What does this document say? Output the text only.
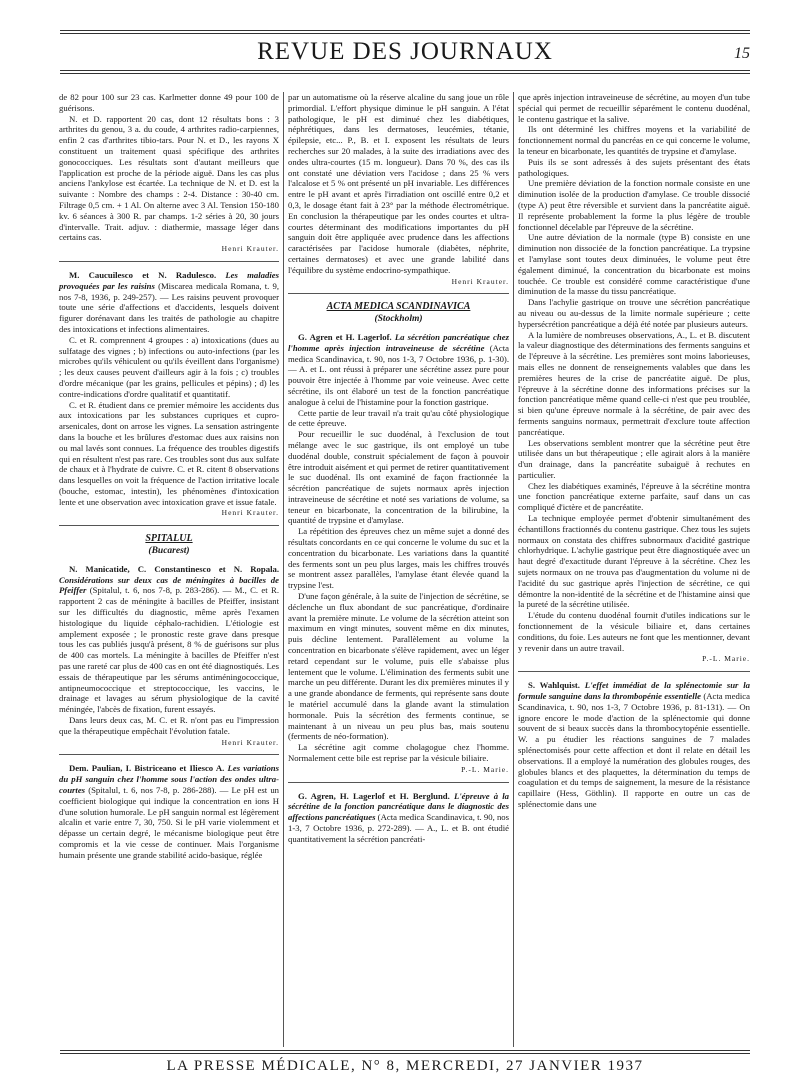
REVUE DES JOURNAUX	15

de 82 pour 100 sur 23 cas. Karlmetter donne 49 pour 100 de guérisons.

N. et D. rapportent 20 cas, dont 12 résultats bons : 3 arthrites du genou, 3 a. du coude, 4 arthrites radio-carpiennes, enfin 2 cas d'arthrites tibio-tars. Pour N. et D., les rayons X constituent un traitement quasi spécifique des arthrites gonococciques. Les résultats sont d'autant meilleurs que l'application est proche de la période aiguë. Dans les cas plus anciens l'ankylose est écartée. La technique de N. et D. est la suivante : Nombre des champs : 2-4. Distance : 30-40 cm. Filtrage 0,5 cm. + 1 Al. On alterne avec 3 Al. Tension 150-180 kv. 6 séances à 300 R. par champs. 1-2 séries à 20, 30 jours d'intervalle. Trait. adjuv. : diathermie, massage léger dans certains cas.

Henri Krauter.

M. Caucuilesco et N. Radulesco. Les maladies provoquées par les raisins (Miscarea medicala Romana, t. 9, nos 7-8, 1936, p. 249-257). — Les raisins peuvent provoquer toute une série d'affections et d'accidents, lesquels doivent figurer dorénavant dans les traités de pathologie au chapitre des intoxications et infections alimentaires.

C. et R. comprennent 4 groupes : a) intoxications (dues au sulfatage des vignes ; b) infections ou auto-infections (par les microbes qu'ils véhiculent ou qu'ils éveillent dans l'organisme) ; les deux causes peuvent d'ailleurs agir à la fois ; c) troubles d'ordre mécanique (par les grains, pellicules et pépins) ; d) les contre-indications d'ordre qualitatif et quantitatif.

C. et R. étudient dans ce premier mémoire les accidents dus aux intoxications par les substances cupriques et cupro-arsenicales, dont on arrose les vignes. La sensation astringente dans la bouche et les brûlures d'estomac dues aux raisins non ou mal lavés sont connues. La fréquence des troubles digestifs qui en résultent n'est pas rare. Ces troubles sont dus aux sulfate de chaux et à l'hydrate de cuivre. C. et R. citent 8 observations dans lesquelles on voit la fréquence de l'action irritative locale (bouche, estomac, intestin), les phénomènes d'intoxication lente et une observation avec intoxication grave et issue fatale.

Henri Krauter.

SPITALUL
(Bucarest)

N. Manicatide, C. Constantinesco et N. Ropala. Considérations sur deux cas de méningites à bacilles de Pfeiffer (Spitalul, t. 6, nos 7-8, p. 283-286). — M., C. et R. rapportent 2 cas de méningite à bacilles de Pfeiffer, insistant sur les difficultés du diagnostic, même après l'examen histologique du liquide céphalo-rachidien. L'étiologie est amplement exposée ; le pronostic reste grave dans presque tous les cas publiés jusqu'à présent, 8 % de guérisons sur plus de 400 cas mortels. La méningite à bacilles de Pfeiffer n'est pas une rareté car plus de 400 cas en ont été diagnostiqués. Les essais de thérapeutique par les sérums antiméningococcique, antipneumococcique et streptococcique, les vaccins, le drainage et lavages au sérum physiologique de la cavité méningée, l'abcès de fixation, furent essayés.

Dans leurs deux cas, M. C. et R. n'ont pas eu l'impression que la thérapeutique empêchait l'évolution fatale.

Henri Krauter.

Dem. Paulian, I. Bistriceano et Iliesco A. Les variations du pH sanguin chez l'homme sous l'action des ondes ultra-courtes (Spitalul, t. 6, nos 7-8, p. 286-288). — Le pH est un coefficient biologique qui indique la concentration en ions H d'une solution humorale. Le pH sanguin normal est légèrement alcalin et varie entre 7, 30, 750. Si le pH varie violemment et dépasse un certain degré, le mécanisme biologique peut être compromis et la vie cesse de continuer. Mais l'organisme humain présente une grande stabilité acido-basique, réglée

par un automatisme où la réserve alcaline du sang joue un rôle primordial. L'effort physique diminue le pH sanguin. A l'état pathologique, le pH est diminué chez les diabétiques, néphrétiques, dans les dermatoses, leucémies, tétanie, épilepsie, etc... P., B. et I. exposent les résultats de leurs recherches sur 20 malades, à la suite des irradiations avec des ondes ultra-courtes (15 m. longueur). Dans 70 %, des cas ils ont constaté une déviation vers l'acidose ; dans 25 % vers l'alcalose et 5 % ont présenté un pH invariable. Les différences entre le pH avant et après l'irradiation ont oscillé entre 0,2 et 0,3, le dosage étant fait à 23° par la méthode électrométrique. En conclusion la thérapeutique par les ondes courtes et ultra-courtes déterminant des modifications importantes du pH sanguin doit être appliquée avec prudence dans les affections caractérisées par l'acidose humorale (diabètes, néphrite, certaines dermatoses) et avec une grande labilité dans l'équilibre du système endocrino-sympathique.

Henri Krauter.

ACTA MEDICA SCANDINAVICA
(Stockholm)

G. Agren et H. Lagerlof. La sécrétion pancréatique chez l'homme après injection intraveineuse de sécrétine (Acta medica Scandinavica, t. 90, nos 1-3, 7 Octobre 1936, p. 1-30). — A. et L. ont réussi à préparer une sécrétine assez pure pour pouvoir être injectée à l'homme par voie veineuse. Avec cette sécrétine, ils ont élaboré un test de la fonction pancréatique analogue à celui de l'histamine pour la fonction gastrique.

Cette partie de leur travail n'a trait qu'au côté physiologique de cette épreuve.

Pour recueillir le suc duodénal, à l'exclusion de tout mélange avec le suc gastrique, ils ont employé un tube duodénal double, construit spécialement de façon à pouvoir être introduit aisément et qui permet de retirer quantitativement le suc duodénal. Ils ont examiné de façon fractionnée la sécrétion pancréatique de sujets normaux après injection intraveineuse de sécrétine et noté ses variations de volume, sa teneur en bicarbonate, la concentration de la bilirubine, la quantité de trypsine et d'amylase.

La répétition des épreuves chez un même sujet a donné des résultats concordants en ce qui concerne le volume du suc et la concentration du bicarbonate. Les variations dans la quantité des ferments sont un peu plus larges, mais les chiffres trouvés se montrent assez parallèles, l'amylase étant élevée quand la trypsine l'est.

D'une façon générale, à la suite de l'injection de sécrétine, se déclenche un flux abondant de suc pancréatique, d'ordinaire avant la première minute. Le volume de la sécrétion atteint son maximum en vingt minutes, souvent même en dix minutes, puis décline lentement. Parallèlement au volume la concentration en bicarbonate s'élève rapidement, avec un léger retard cependant sur le volume, puis elle s'abaisse plus lentement que le volume. L'élimination des ferments subit une marche un peu différente. Durant les dix premières minutes il y a une grande abondance de ferments, qui représente sans doute le matériel accumulé dans la glande avant la stimulation hormonale. Puis la sécrétion des ferments continue, se maintenant à un niveau un peu plus bas, mais soutenu (ferments de néo-formation).

La sécrétine agit comme cholagogue chez l'homme. Normalement cette bile est reprise par la vésicule biliaire.

P.-L. Marie.

G. Agren, H. Lagerlof et H. Berglund. L'épreuve à la sécrétine de la fonction pancréatique dans le diagnostic des affections pancréatiques (Acta medica Scandinavica, t. 90, nos 1-3, 7 Octobre 1936, p. 272-289). — A., L. et B. ont étudié quantitativement la sécrétion pancréati-

que après injection intraveineuse de sécrétine, au moyen d'un tube spécial qui permet de recueillir séparément le contenu duodénal, le contenu gastrique et la salive.

Ils ont déterminé les chiffres moyens et la variabilité de fonctionnement normal du pancréas en ce qui concerne le volume, la teneur en bicarbonate, les quantités de trypsine et d'amylase.

Puis ils se sont adressés à des sujets présentant des états pathologiques.

Une première déviation de la fonction normale consiste en une diminution isolée de la production d'amylase. Ce trouble dissocié (type A) peut être réversible et survient dans la pancréatite aiguë. Il représente probablement la forme la plus légère de trouble fonctionnel décelable par l'épreuve de la sécrétine.

Une autre déviation de la normale (type B) consiste en une diminution non dissociée de la fonction pancréatique. La trypsine et l'amylase sont toutes deux diminuées, le volume peut être également diminué, la concentration du bicarbonate est moins touchée. Ce trouble est considéré comme caractéristique d'une diminution de la masse du tissu pancréatique.

Dans l'achylie gastrique on trouve une sécrétion pancréatique au niveau ou au-dessus de la limite normale supérieure ; cette hypersécrétion pancréatique a déjà été notée par plusieurs auteurs.

A la lumière de nombreuses observations, A., L. et B. discutent la valeur diagnostique des déterminations des ferments sanguins et de l'épreuve à la sécrétine. Les premières sont moins laborieuses, mais elles ne donnent de renseignements valables que dans les premières heures de la crise de pancréatite aiguë. De plus, l'épreuve à la sécrétine donne des informations précises sur la fonction pancréatique même quand celle-ci n'est que peu troublée, si bien qu'une épreuve normale à la sécrétine, de pair avec des ferments sanguins normaux, permettrait d'exclure toute affection pancréatique.

Les observations semblent montrer que la sécrétine peut être utilisée dans un but thérapeutique ; elle agirait alors à la manière d'un drainage, dans la pancréatite subaiguë à rechutes en particulier.

Chez les diabétiques examinés, l'épreuve à la sécrétine montra une fonction pancréatique externe parfaite, sauf dans un cas compliqué d'ictère et de pancréatite.

La technique employée permet d'obtenir simultanément des échantillons fractionnés du contenu gastrique. Chez tous les sujets normaux on constata des chiffres subnormaux d'acidité gastrique chlorhydrique. L'achylie gastrique peut être diagnostiquée avec un haut degré d'exactitude durant l'épreuve à la sécrétine. Chez les sujets normaux on ne trouva pas d'augmentation du volume ni de l'acidité du suc gastrique après l'injection de sécrétine, ce qui démontre la non-identité de la sécrétine et de l'histamine ainsi que la pureté de la sécrétine utilisée.

L'étude du contenu duodénal fournit d'utiles indications sur le fonctionnement de la vésicule biliaire et, dans certaines conditions, du foie. Les auteurs ne font que les mentionner, devant y revenir dans un autre travail.

P.-L. Marie.

S. Wahlquist. L'effet immédiat de la splénectomie sur la formule sanguine dans la thrombopénie essentielle (Acta medica Scandinavica, t. 90, nos 1-3, 7 Octobre 1936, p. 81-131). — On ignore encore le mode d'action de la splénectomie qui donne souvent de si beaux succès dans la thrombocytopénie essentielle. W. a pu étudier les réactions sanguines de 7 malades splénectomisés pour cette affection et dont il relate en détail les observations. Il a employé la numération des globules rouges, des globules blancs et des plaquettes, la détermination du temps de coagulation et du temps de saignement, la mesure de la résistance capillaire (Hess, Göthlin). Il rapporte en outre un cas de splénectomie dans une

LA PRESSE MÉDICALE, N° 8, MERCREDI, 27 JANVIER 1937
